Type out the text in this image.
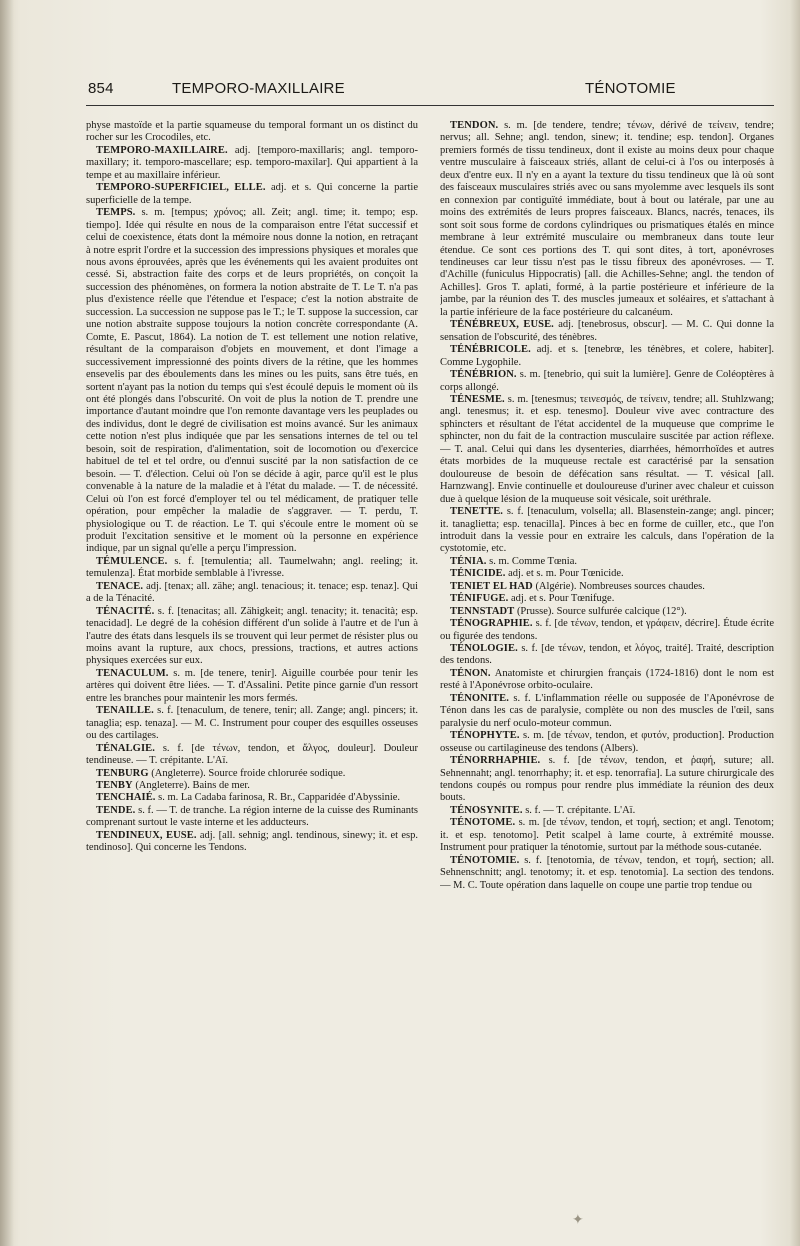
854	TEMPORO-MAXILLAIRE	TÉNOTOMIE

physe mastoïde et la partie squameuse du temporal formant un os distinct du rocher sur les Crocodiles, etc.

TEMPORO-MAXILLAIRE. adj. [temporo-maxillaris; angl. temporo-maxillary; it. temporo-mascellare; esp. temporo-maxilar]. Qui appartient à la tempe et au maxillaire inférieur.

TEMPORO-SUPERFICIEL, ELLE. adj. et s. Qui concerne la partie superficielle de la tempe.

TEMPS. s. m. [tempus; χρόνος; all. Zeit; angl. time; it. tempo; esp. tiempo]. Idée qui résulte en nous de la comparaison entre l'état successif et celui de coexistence, états dont la mémoire nous donne la notion, en retraçant à notre esprit l'ordre et la succession des impressions physiques et morales que nous avons éprouvées, après que les événements qui les avaient produites ont cessé. Si, abstraction faite des corps et de leurs propriétés, on conçoit la succession des phénomènes, on formera la notion abstraite de T. Le T. n'a pas plus d'existence réelle que l'étendue et l'espace; c'est la notion abstraite de succession. La succession ne suppose pas le T.; le T. suppose la succession, car une notion abstraite suppose toujours la notion concrète correspondante (A. Comte, E. Pascut, 1864). La notion de T. est tellement une notion relative, résultant de la comparaison d'objets en mouvement, et dont l'image a successivement impressionné des points divers de la rétine, que les hommes ensevelis par des éboulements dans les mines ou les puits, sans être tués, en sortent n'ayant pas la notion du temps qui s'est écoulé depuis le moment où ils ont été plongés dans l'obscurité. On voit de plus la notion de T. prendre une importance d'autant moindre que l'on remonte davantage vers les peuplades ou des individus, dont le degré de civilisation est moins avancé. Sur les animaux cette notion n'est plus indiquée que par les sensations internes de tel ou tel besoin, soit de respiration, d'alimentation, soit de locomotion ou d'exercice habituel de tel et tel ordre, ou d'ennui suscité par la non satisfaction de ce besoin. — T. d'élection. Celui où l'on se décide à agir, parce qu'il est le plus convenable à la nature de la maladie et à l'état du malade. — T. de nécessité. Celui où l'on est forcé d'employer tel ou tel médicament, de pratiquer telle opération, pour empêcher la maladie de s'aggraver. — T. perdu, T. physiologique ou T. de réaction. Le T. qui s'écoule entre le moment où se produit l'excitation sensitive et le moment où la personne en expérience indique, par un signal qu'elle a perçu l'impression.

TÉMULENCE. s. f. [temulentia; all. Taumelwahn; angl. reeling; it. temulenza]. État morbide semblable à l'ivresse.

TENACE. adj. [tenax; all. zähe; angl. tenacious; it. tenace; esp. tenaz]. Qui a de la Ténacité.

TÉNACITÉ. s. f. [tenacitas; all. Zähigkeit; angl. tenacity; it. tenacità; esp. tenacidad]. Le degré de la cohésion différent d'un solide à l'autre et de l'un à l'autre des états dans lesquels ils se trouvent qui leur permet de résister plus ou moins avant la rupture, aux chocs, pressions, tractions, et autres actions physiques exercées sur eux.

TENACULUM. s. m. [de tenere, tenir]. Aiguille courbée pour tenir les artères qui doivent être liées. — T. d'Assalini. Petite pince garnie d'un ressort entre les branches pour maintenir les mors fermés.

TENAILLE. s. f. [tenaculum, de tenere, tenir; all. Zange; angl. pincers; it. tanaglia; esp. tenaza]. — M. C. Instrument pour couper des esquilles osseuses ou des cartilages.

TÉNALGIE. s. f. [de τένων, tendon, et ἄλγος, douleur]. Douleur tendineuse. — T. crépitante. L'Aï.

TENBURG (Angleterre). Source froide chlorurée sodique.

TENBY (Angleterre). Bains de mer.

TENCHAIÉ. s. m. La Cadaba farinosa, R. Br., Capparidée d'Abyssinie.

TENDE. s. f. — T. de tranche. La région interne de la cuisse des Ruminants comprenant surtout le vaste interne et les adducteurs.

TENDINEUX, EUSE. adj. [all. sehnig; angl. tendinous, sinewy; it. et esp. tendinoso]. Qui concerne les Tendons.

TENDON. s. m. [de tendere, tendre; τένων, dérivé de τείνειν, tendre; nervus; all. Sehne; angl. tendon, sinew; it. tendine; esp. tendon]. Organes premiers formés de tissu tendineux, dont il existe au moins deux pour chaque ventre musculaire à faisceaux striés, allant de celui-ci à l'os ou interposés à deux d'entre eux. Il n'y en a ayant la texture du tissu tendineux que là où sont des faisceaux musculaires striés avec ou sans myolemme avec lesquels ils sont en connexion par contiguïté immédiate, bout à bout ou latérale, par une au moins des extrémités de leurs propres faisceaux. Blancs, nacrés, tenaces, ils sont soit sous forme de cordons cylindriques ou prismatiques étalés en mince membrane à leur extrémité musculaire ou membraneux dans toute leur étendue. Ce sont ces portions des T. qui sont dites, à tort, aponévroses tendineuses car leur tissu n'est pas le tissu fibreux des aponévroses. — T. d'Achille (funiculus Hippocratis) [all. die Achilles-Sehne; angl. the tendon of Achilles]. Gros T. aplati, formé, à la partie postérieure et inférieure de la jambe, par la réunion des T. des muscles jumeaux et soléaires, et s'attachant à la partie inférieure de la face postérieure du calcanéum.

TÉNÉBREUX, EUSE. adj. [tenebrosus, obscur]. — M. C. Qui donne la sensation de l'obscurité, des ténèbres.

TÉNÉBRICOLE. adj. et s. [tenebrœ, les ténèbres, et colere, habiter]. Comme Lygophile.

TÉNÉBRION. s. m. [tenebrio, qui suit la lumière]. Genre de Coléoptères à corps allongé.

TÉNESME. s. m. [tenesmus; τεινεσμός, de τείνειν, tendre; all. Stuhlzwang; angl. tenesmus; it. et esp. tenesmo]. Douleur vive avec contracture des sphincters et résultant de l'état accidentel de la muqueuse que comprime le sphincter, non du fait de la contraction musculaire suscitée par action réflexe. — T. anal. Celui qui dans les dysenteries, diarrhées, hémorrhoïdes et autres états morbides de la muqueuse rectale est caractérisé par la sensation douloureuse de besoin de défécation sans résultat. — T. vésical [all. Harnzwang]. Envie continuelle et douloureuse d'uriner avec chaleur et cuisson due à quelque lésion de la muqueuse soit vésicale, soit uréthrale.

TENETTE. s. f. [tenaculum, volsella; all. Blasenstein-zange; angl. pincer; it. tanaglietta; esp. tenacilla]. Pinces à bec en forme de cuiller, etc., que l'on introduit dans la vessie pour en extraire les calculs, dans l'opération de la cystotomie, etc.

TÉNIA. s. m. Comme Tœnia.

TÉNICIDE. adj. et s. m. Pour Tœnicide.

TENIET EL HAD (Algérie). Nombreuses sources chaudes.

TÉNIFUGE. adj. et s. Pour Tœnifuge.

TENNSTADT (Prusse). Source sulfurée calcique (12°).

TÉNOGRAPHIE. s. f. [de τένων, tendon, et γράφειν, décrire]. Étude écrite ou figurée des tendons.

TÉNOLOGIE. s. f. [de τένων, tendon, et λόγος, traité]. Traité, description des tendons.

TÉNON. Anatomiste et chirurgien français (1724-1816) dont le nom est resté à l'Aponévrose orbito-oculaire.

TÉNONITE. s. f. L'inflammation réelle ou supposée de l'Aponévrose de Ténon dans les cas de paralysie, complète ou non des muscles de l'œil, sans paralysie du nerf oculo-moteur commun.

TÉNOPHYTE. s. m. [de τένων, tendon, et φυτόν, production]. Production osseuse ou cartilagineuse des tendons (Albers).

TÉNORRHAPHIE. s. f. [de τένων, tendon, et ῥαφή, suture; all. Sehnennaht; angl. tenorrhaphy; it. et esp. tenorrafia]. La suture chirurgicale des tendons coupés ou rompus pour rendre plus immédiate la réunion des deux bouts.

TÉNOSYNITE. s. f. — T. crépitante. L'Aï.

TÉNOTOME. s. m. [de τένων, tendon, et τομή, section; et angl. Tenotom; it. et esp. tenotomo]. Petit scalpel à lame courte, à extrémité mousse. Instrument pour pratiquer la ténotomie, surtout par la méthode sous-cutanée.

TÉNOTOMIE. s. f. [tenotomia, de τένων, tendon, et τομή, section; all. Sehnenschnitt; angl. tenotomy; it. et esp. tenotomia]. La section des tendons. — M. C. Toute opération dans laquelle on coupe une partie trop tendue ou

✦
